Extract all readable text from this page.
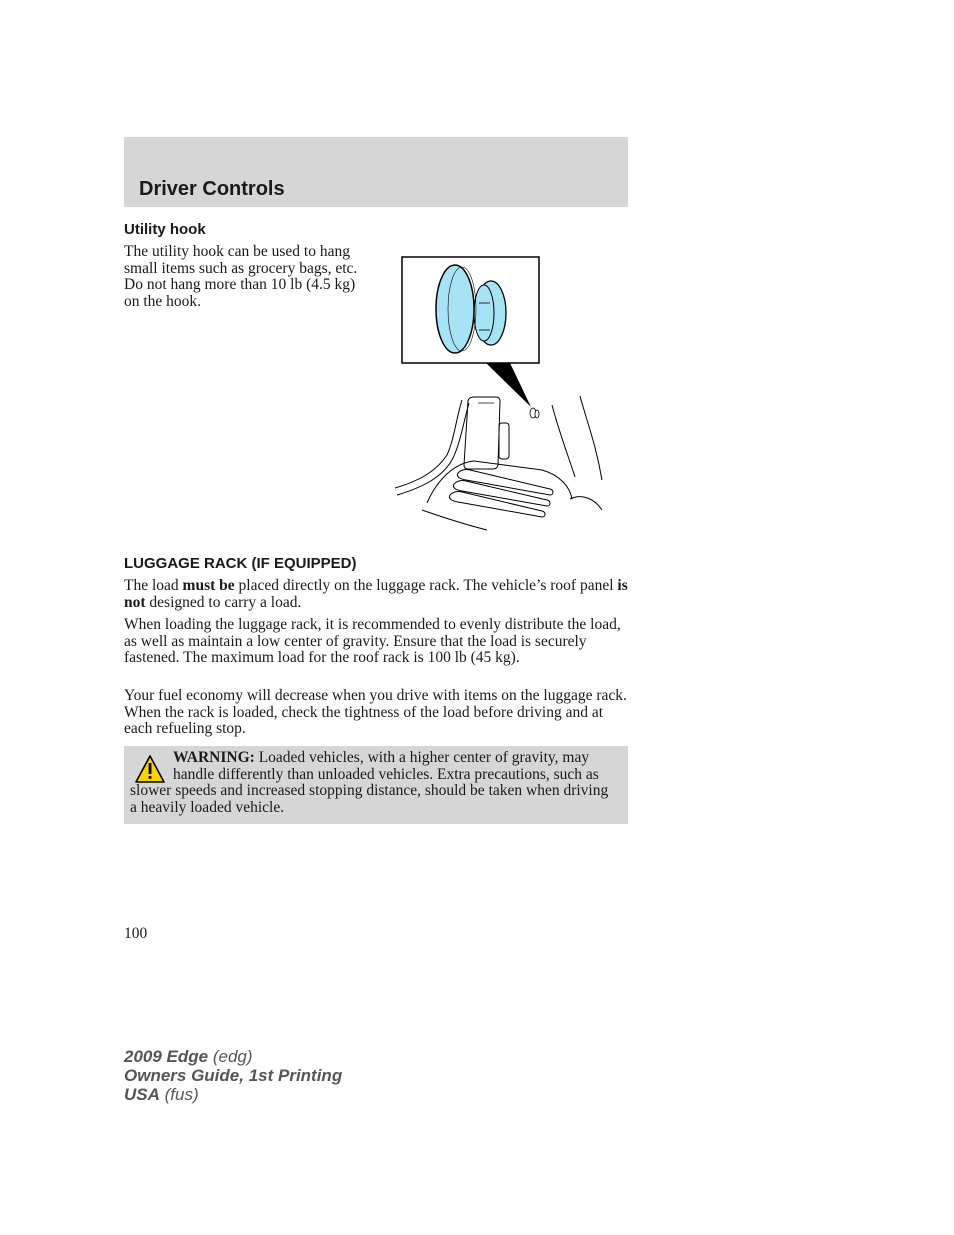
Driver Controls
Utility hook

The utility hook can be used to hang small items such as grocery bags, etc. Do not hang more than 10 lb (4.5 kg) on the hook.

LUGGAGE RACK (IF EQUIPPED)

The load must be placed directly on the luggage rack. The vehicle’s roof panel is not designed to carry a load.

When loading the luggage rack, it is recommended to evenly distribute the load, as well as maintain a low center of gravity. Ensure that the load is securely fastened. The maximum load for the roof rack is 100 lb (45 kg).

Your fuel economy will decrease when you drive with items on the luggage rack. When the rack is loaded, check the tightness of the load before driving and at each refueling stop.

WARNING: Loaded vehicles, with a higher center of gravity, may handle differently than unloaded vehicles. Extra precautions, such as slower speeds and increased stopping distance, should be taken when driving a heavily loaded vehicle.

100

2009 Edge (edg)
Owners Guide, 1st Printing
USA (fus)
